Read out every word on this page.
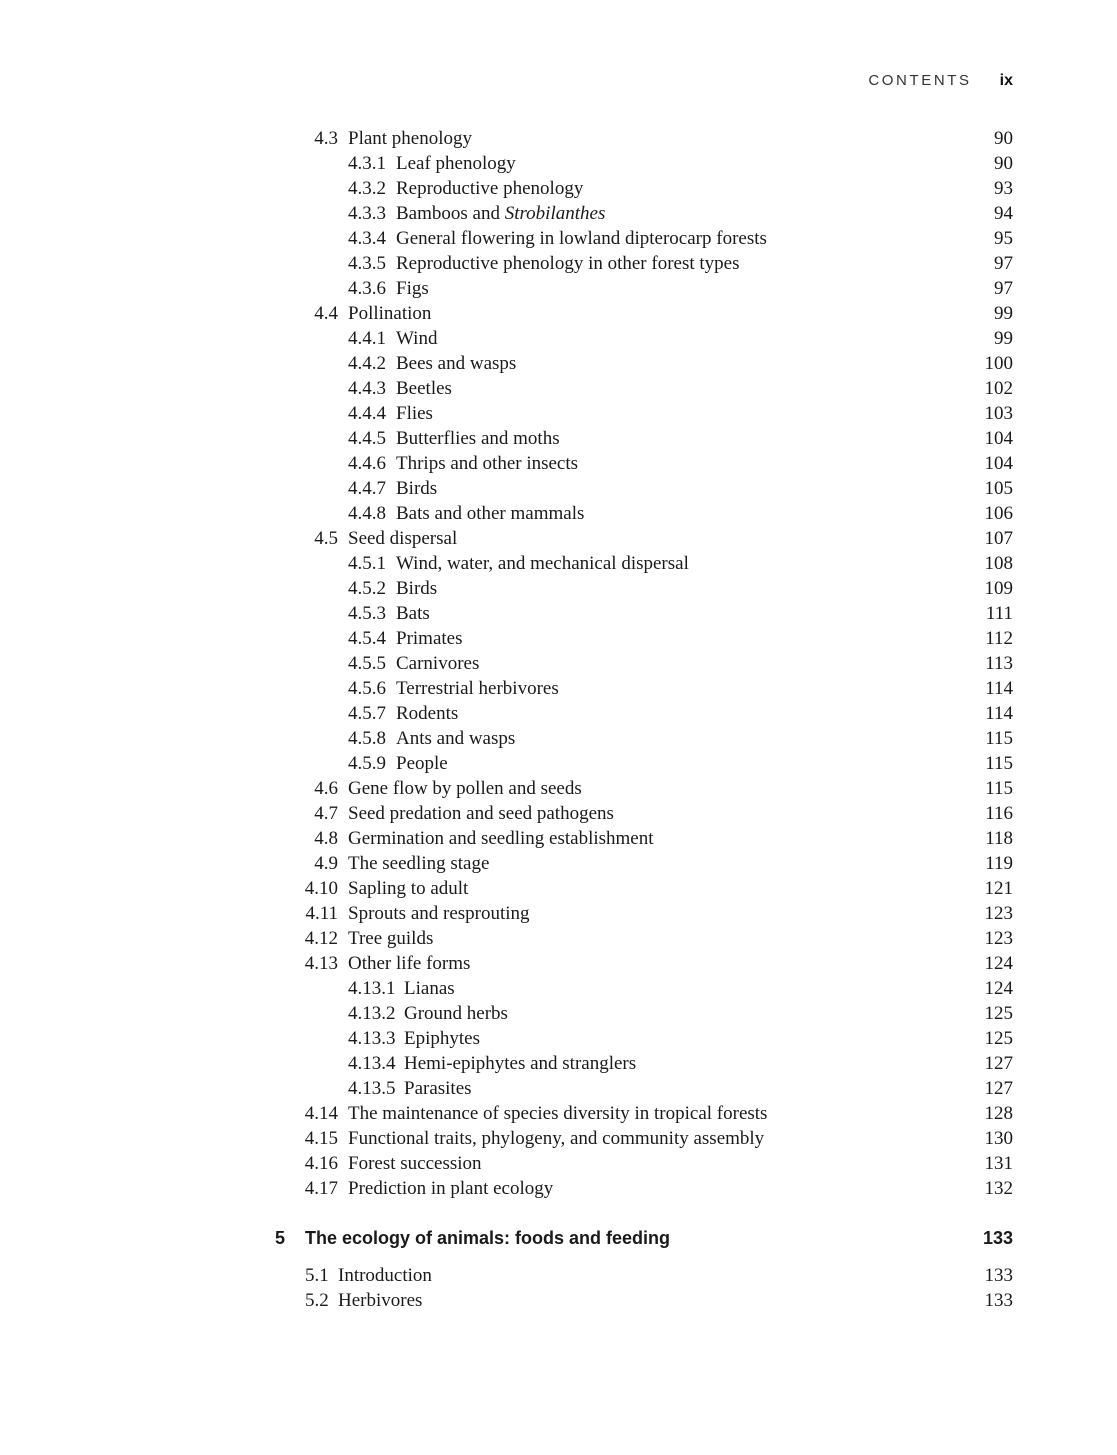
CONTENTS ix
4.3 Plant phenology	90
4.3.1 Leaf phenology	90
4.3.2 Reproductive phenology	93
4.3.3 Bamboos and Strobilanthes	94
4.3.4 General flowering in lowland dipterocarp forests	95
4.3.5 Reproductive phenology in other forest types	97
4.3.6 Figs	97
4.4 Pollination	99
4.4.1 Wind	99
4.4.2 Bees and wasps	100
4.4.3 Beetles	102
4.4.4 Flies	103
4.4.5 Butterflies and moths	104
4.4.6 Thrips and other insects	104
4.4.7 Birds	105
4.4.8 Bats and other mammals	106
4.5 Seed dispersal	107
4.5.1 Wind, water, and mechanical dispersal	108
4.5.2 Birds	109
4.5.3 Bats	111
4.5.4 Primates	112
4.5.5 Carnivores	113
4.5.6 Terrestrial herbivores	114
4.5.7 Rodents	114
4.5.8 Ants and wasps	115
4.5.9 People	115
4.6 Gene flow by pollen and seeds	115
4.7 Seed predation and seed pathogens	116
4.8 Germination and seedling establishment	118
4.9 The seedling stage	119
4.10 Sapling to adult	121
4.11 Sprouts and resprouting	123
4.12 Tree guilds	123
4.13 Other life forms	124
4.13.1 Lianas	124
4.13.2 Ground herbs	125
4.13.3 Epiphytes	125
4.13.4 Hemi-epiphytes and stranglers	127
4.13.5 Parasites	127
4.14 The maintenance of species diversity in tropical forests	128
4.15 Functional traits, phylogeny, and community assembly	130
4.16 Forest succession	131
4.17 Prediction in plant ecology	132
5 The ecology of animals: foods and feeding	133
5.1 Introduction	133
5.2 Herbivores	133
